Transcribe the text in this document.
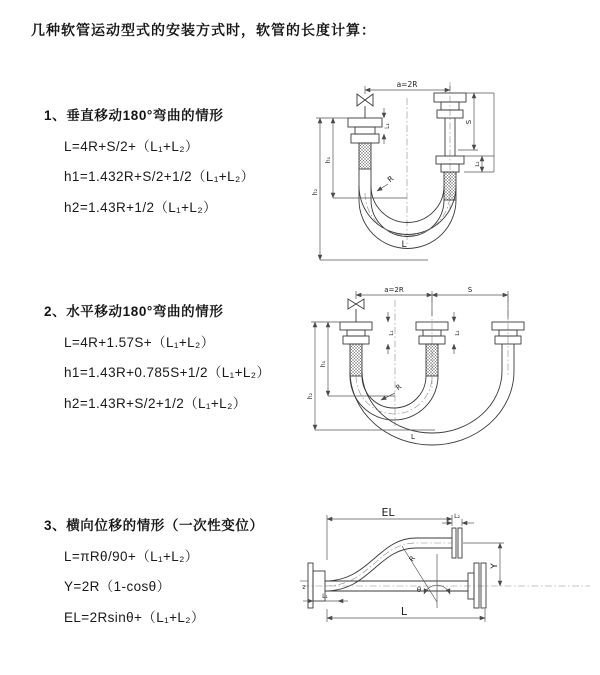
几种软管运动型式的安装方式时，软管的长度计算：
1、垂直移动180°弯曲的情形
L=4R+S/2+（L₁+L₂）
h1=1.432R+S/2+1/2（L₁+L₂）
h2=1.43R+1/2（L₁+L₂）
2、水平移动180°弯曲的情形
L=4R+1.57S+（L₁+L₂）
h1=1.43R+0.785S+1/2（L₁+L₂）
h2=1.43R+S/2+1/2（L₁+L₂）
3、横向位移的情形（一次性变位）
L=πRθ/90+（L₁+L₂）
Y=2R（1-cosθ）
EL=2Rsinθ+（L₁+L₂）
a=2R
L₁
S
L₂
h₁
h₂
R
L
a=2R	S
L₁	L₂
h₁
h₂
R
L
z
EL	L₂
Y
L
L₁
θ
R
